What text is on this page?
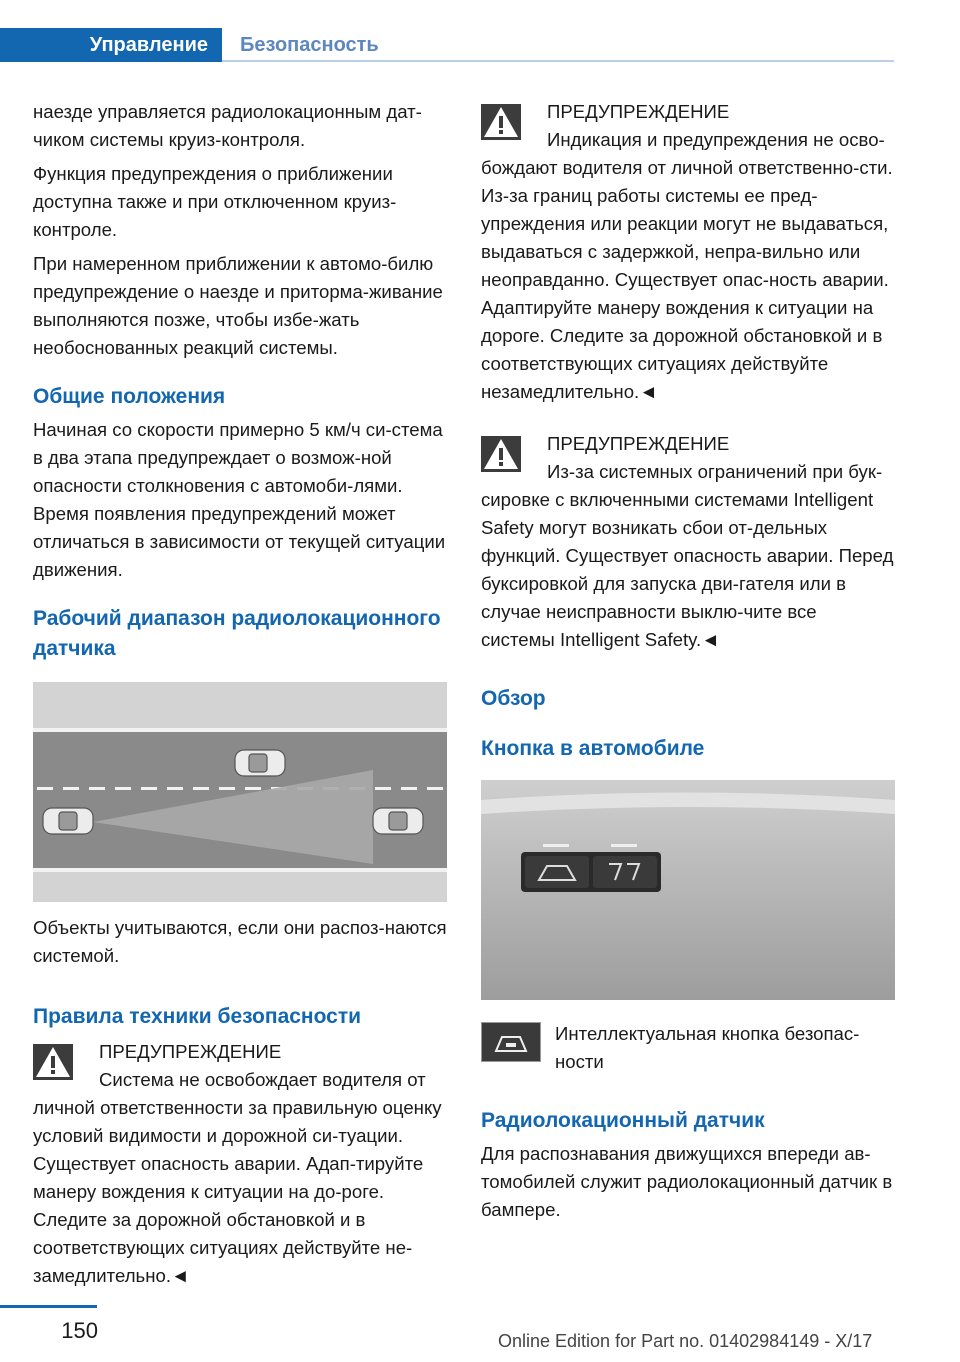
Управление	Безопасность

наезде управляется радиолокационным дат-чиком системы круиз-контроля.

Функция предупреждения о приближении доступна также и при отключенном круиз-контроле.

При намеренном приближении к автомо-билю предупреждение о наезде и приторма-живание выполняются позже, чтобы избе-жать необоснованных реакций системы.

Общие положения

Начиная со скорости примерно 5 км/ч си-стема в два этапа предупреждает о возмож-ной опасности столкновения с автомоби-лями. Время появления предупреждений может отличаться в зависимости от текущей ситуации движения.

Рабочий диапазон радиолокационного датчика

Объекты учитываются, если они распоз-наются системой.

Правила техники безопасности
ПРЕДУПРЕЖДЕНИЕ
Система не освобождает водителя от

личной ответственности за правильную оценку условий видимости и дорожной си-туации. Существует опасность аварии. Адап-тируйте манеру вождения к ситуации на до-роге. Следите за дорожной обстановкой и в соответствующих ситуациях действуйте не-замедлительно.◄

ПРЕДУПРЕЖДЕНИЕ
Индикация и предупреждения не осво-

бождают водителя от личной ответственно-сти. Из-за границ работы системы ее пред-упреждения или реакции могут не выдаваться, выдаваться с задержкой, непра-вильно или неоправданно. Существует опас-ность аварии. Адаптируйте манеру вождения к ситуации на дороге. Следите за дорожной обстановкой и в соответствующих ситуациях действуйте незамедлительно.◄

ПРЕДУПРЕЖДЕНИЕ
Из-за системных ограничений при бук-

сировке с включенными системами Intelligent Safety могут возникать сбои от-дельных функций. Существует опасность аварии. Перед буксировкой для запуска дви-гателя или в случае неисправности выклю-чите все системы Intelligent Safety.◄

Обзор
Кнопка в автомобиле

Интеллектуальная кнопка безопас-ности

Радиолокационный датчик

Для распознавания движущихся впереди ав-томобилей служит радиолокационный датчик в бампере.

150	Online Edition for Part no. 01402984149 - X/17
